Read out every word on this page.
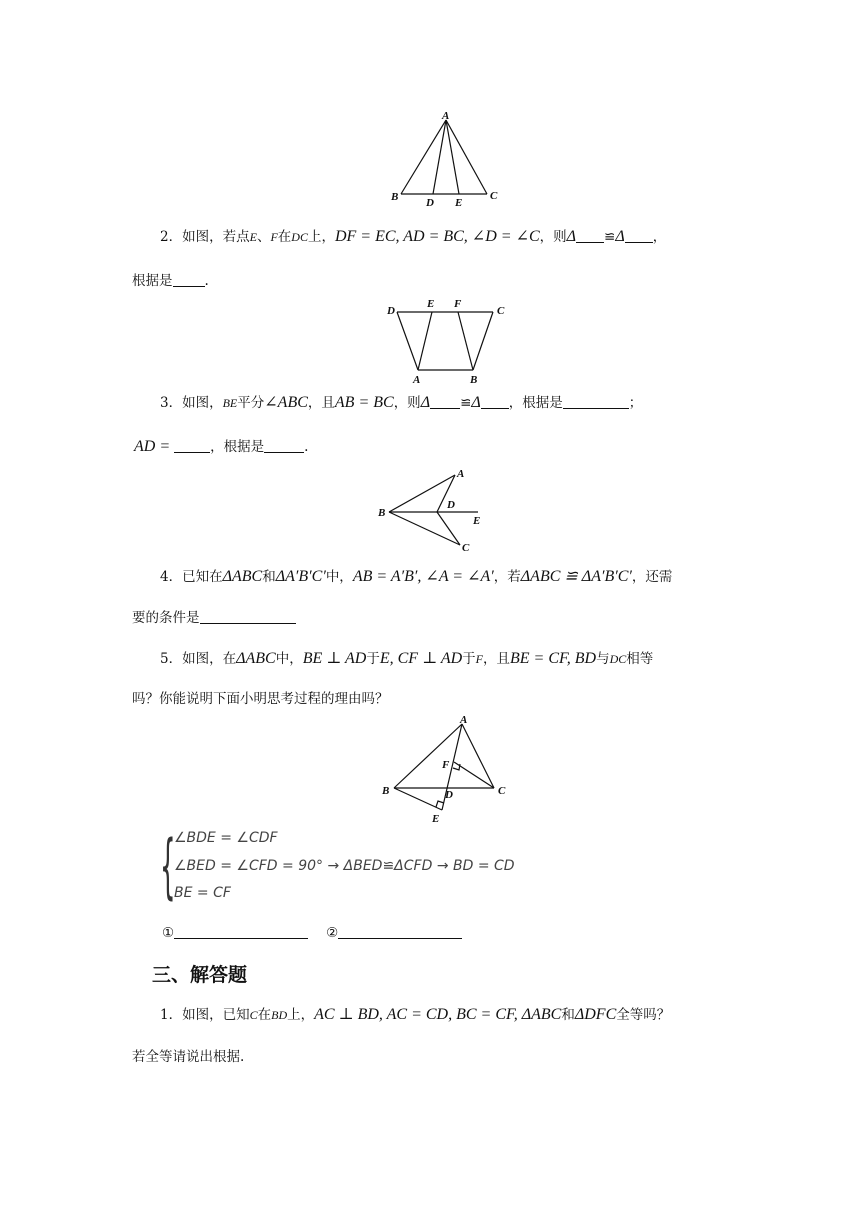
A
B	C
D E
2．如图，若点E、F在DC上，DF = EC, AD = BC, ∠D = ∠C，则Δ ≌Δ ，
根据是 .
D
E F
C
A	B
3．如图，BE平分∠ABC，且AB = BC，则Δ ≌Δ ，根据是	；
AD =	，根据是	.
A
B
D
E
C
4．已知在ΔABC和ΔA′B′C′中，AB = A′B′, ∠A = ∠A′，若ΔABC ≌ ΔA′B′C′，还需
要的条件是
5．如图，在ΔABC中，BE ⊥ AD于E, CF ⊥ AD于F，且BE = CF, BD与DC相等
吗？你能说明下面小明思考过程的理由吗？
A
B	C
D
F
E
{
∠BDE = ∠CDF
∠BED = ∠CFD = 90° → ΔBED≌ΔCFD → BD = CD
BE = CF
①	②
三、解答题
1．如图，已知C在BD上，AC ⊥ BD, AC = CD, BC = CF, ΔABC和ΔDFC全等吗？
若全等请说出根据.
